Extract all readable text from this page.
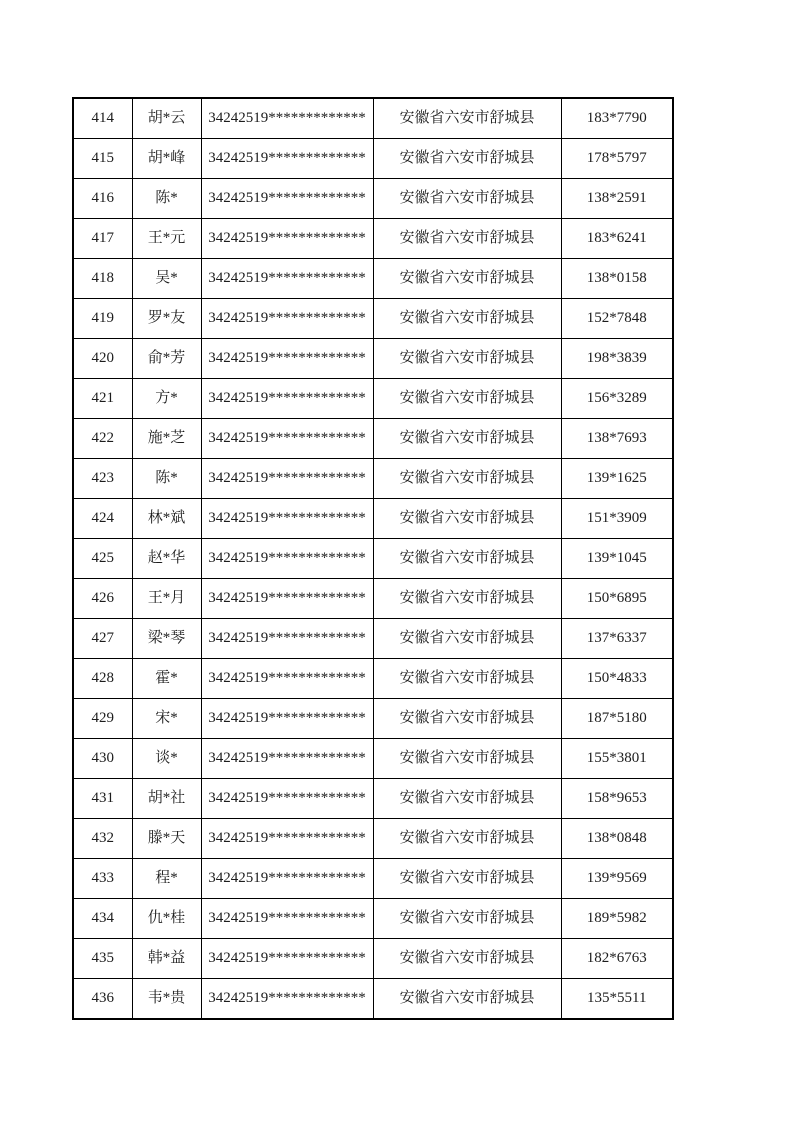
414	胡*云	34242519*************	安徽省六安市舒城县	183*7790
415	胡*峰	34242519*************	安徽省六安市舒城县	178*5797
416	陈*	34242519*************	安徽省六安市舒城县	138*2591
417	王*元	34242519*************	安徽省六安市舒城县	183*6241
418	吴*	34242519*************	安徽省六安市舒城县	138*0158
419	罗*友	34242519*************	安徽省六安市舒城县	152*7848
420	俞*芳	34242519*************	安徽省六安市舒城县	198*3839
421	方*	34242519*************	安徽省六安市舒城县	156*3289
422	施*芝	34242519*************	安徽省六安市舒城县	138*7693
423	陈*	34242519*************	安徽省六安市舒城县	139*1625
424	林*斌	34242519*************	安徽省六安市舒城县	151*3909
425	赵*华	34242519*************	安徽省六安市舒城县	139*1045
426	王*月	34242519*************	安徽省六安市舒城县	150*6895
427	梁*琴	34242519*************	安徽省六安市舒城县	137*6337
428	霍*	34242519*************	安徽省六安市舒城县	150*4833
429	宋*	34242519*************	安徽省六安市舒城县	187*5180
430	谈*	34242519*************	安徽省六安市舒城县	155*3801
431	胡*社	34242519*************	安徽省六安市舒城县	158*9653
432	滕*天	34242519*************	安徽省六安市舒城县	138*0848
433	程*	34242519*************	安徽省六安市舒城县	139*9569
434	仇*桂	34242519*************	安徽省六安市舒城县	189*5982
435	韩*益	34242519*************	安徽省六安市舒城县	182*6763
436	韦*贵	34242519*************	安徽省六安市舒城县	135*5511
